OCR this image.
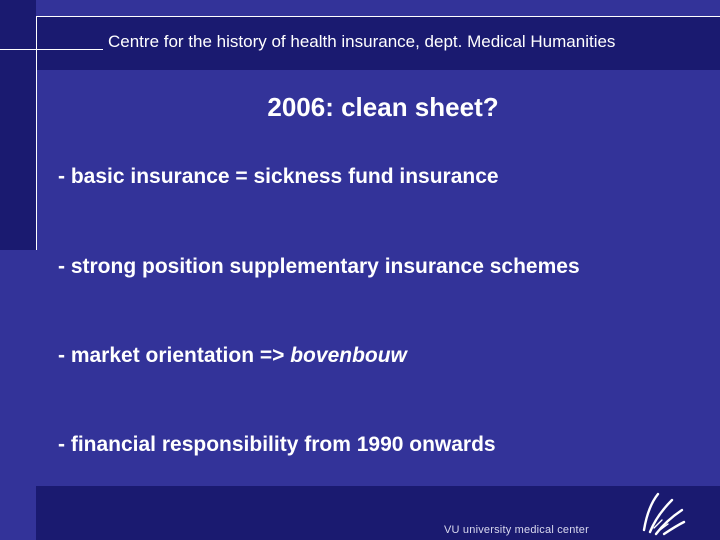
Centre for the history of health insurance, dept. Medical Humanities
2006: clean sheet?
- basic insurance = sickness fund insurance
- strong position supplementary insurance schemes
- market orientation => bovenbouw
- financial responsibility from 1990 onwards
VU university medical center
